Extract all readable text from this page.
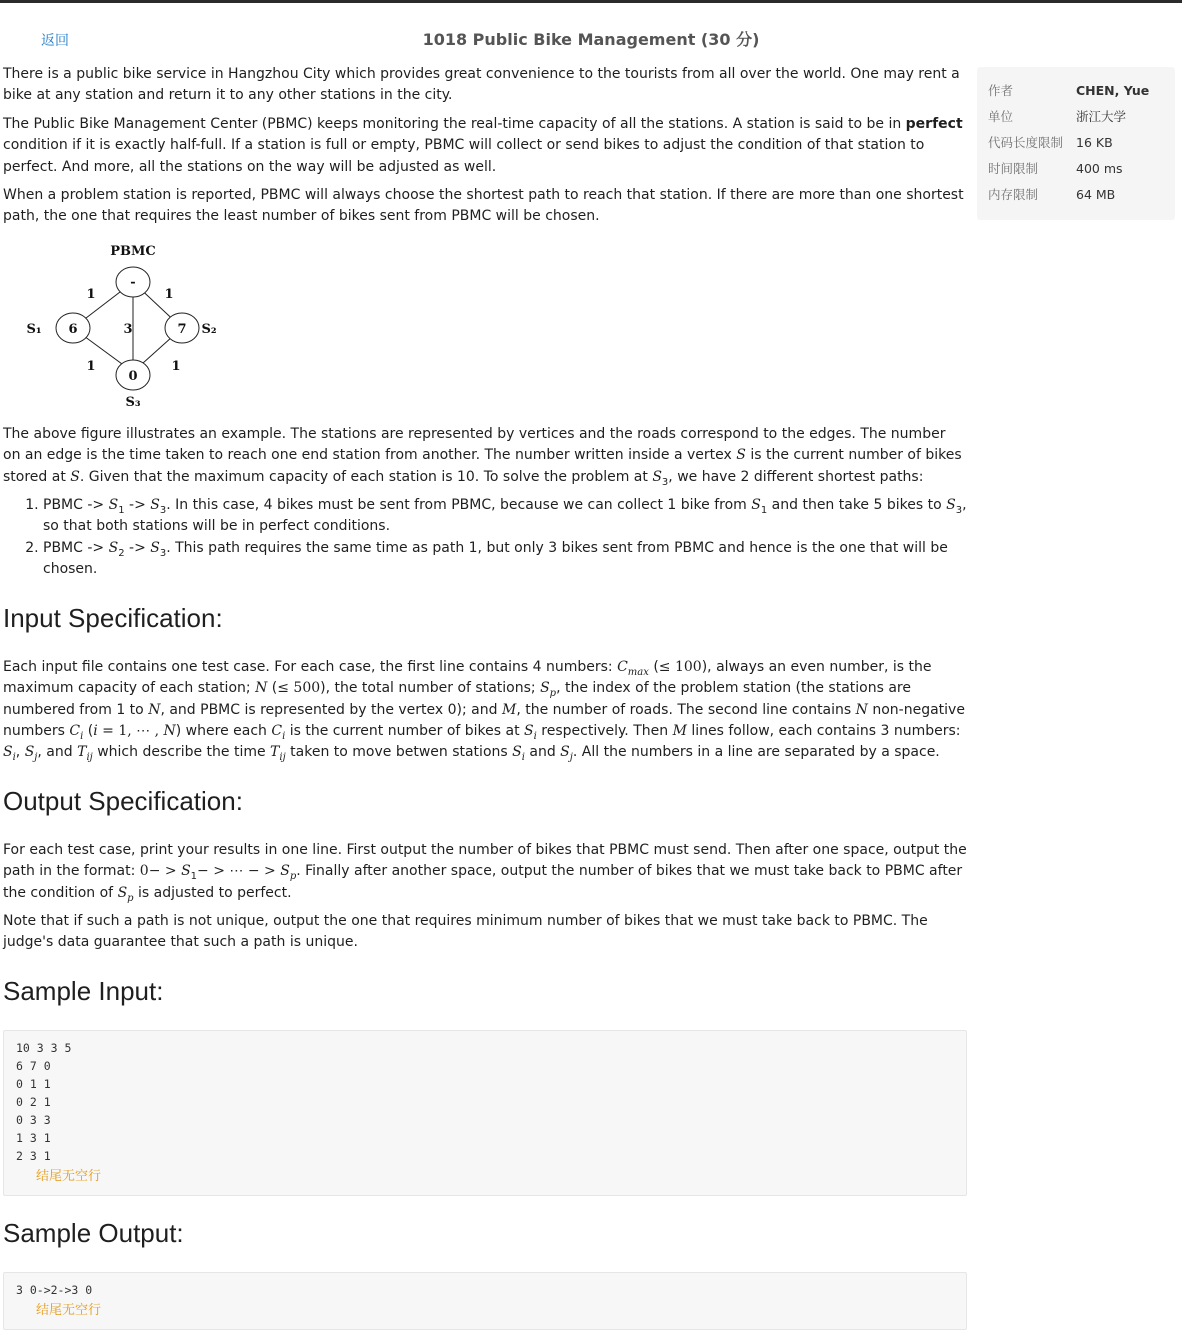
返回	1018 Public Bike Management (30 分)

There is a public bike service in Hangzhou City which provides great convenience to the tourists from all over the world. One may rent a bike at any station and return it to any other stations in the city.

The Public Bike Management Center (PBMC) keeps monitoring the real-time capacity of all the stations. A station is said to be in perfect condition if it is exactly half-full. If a station is full or empty, PBMC will collect or send bikes to adjust the condition of that station to perfect. And more, all the stations on the way will be adjusted as well.

When a problem station is reported, PBMC will always choose the shortest path to reach that station. If there are more than one shortest path, the one that requires the least number of bikes sent from PBMC will be chosen.

PBMC
-
6	7
0
S₁	S₂
S₃
1	1
3
1	1

The above figure illustrates an example. The stations are represented by vertices and the roads correspond to the edges. The number on an edge is the time taken to reach one end station from another. The number written inside a vertex S is the current number of bikes stored at S. Given that the maximum capacity of each station is 10. To solve the problem at $S_3$, we have 2 different shortest paths:

1. PBMC -> $S_1 -> S_3$. In this case, 4 bikes must be sent from PBMC, because we can collect 1 bike from $S_1$ and then take 5 bikes to $S_3$, so that both stations will be in perfect conditions.
2. PBMC -> $S_2 -> S_3$. This path requires the same time as path 1, but only 3 bikes sent from PBMC and hence is the one that will be chosen.
Input Specification:

Each input file contains one test case. For each case, the first line contains 4 numbers: $C_{max}$ (≤ 100), always an even number, is the maximum capacity of each station; N (≤ 500), the total number of stations; $S_p$, the index of the problem station (the stations are numbered from 1 to N, and PBMC is represented by the vertex 0); and M, the number of roads. The second line contains N non-negative numbers $C_i$ (i = 1, ⋯ , N) where each $C_i$ is the current number of bikes at $S_i$ respectively. Then M lines follow, each contains 3 numbers: $S_i$, $S_j$, and $T_{ij}$ which describe the time $T_{ij}$ taken to move betwen stations $S_i$ and $S_j$. All the numbers in a line are separated by a space.

Output Specification:

For each test case, print your results in one line. First output the number of bikes that PBMC must send. Then after one space, output the path in the format: $0- > S_1-$ > ⋯ − > $S_p$. Finally after another space, output the number of bikes that we must take back to PBMC after the condition of $S_p$ is adjusted to perfect.

Note that if such a path is not unique, output the one that requires minimum number of bikes that we must take back to PBMC. The judge's data guarantee that such a path is unique.

Sample Input:
10 3 3 5
6 7 0
0 1 1
0 2 1
0 3 3
1 3 1
2 3 1
结尾无空行
Sample Output:
3 0->2->3 0
结尾无空行
作者	CHEN, Yue
单位	浙江大学
代码长度限制	16 KB
时间限制	400 ms
内存限制	64 MB
